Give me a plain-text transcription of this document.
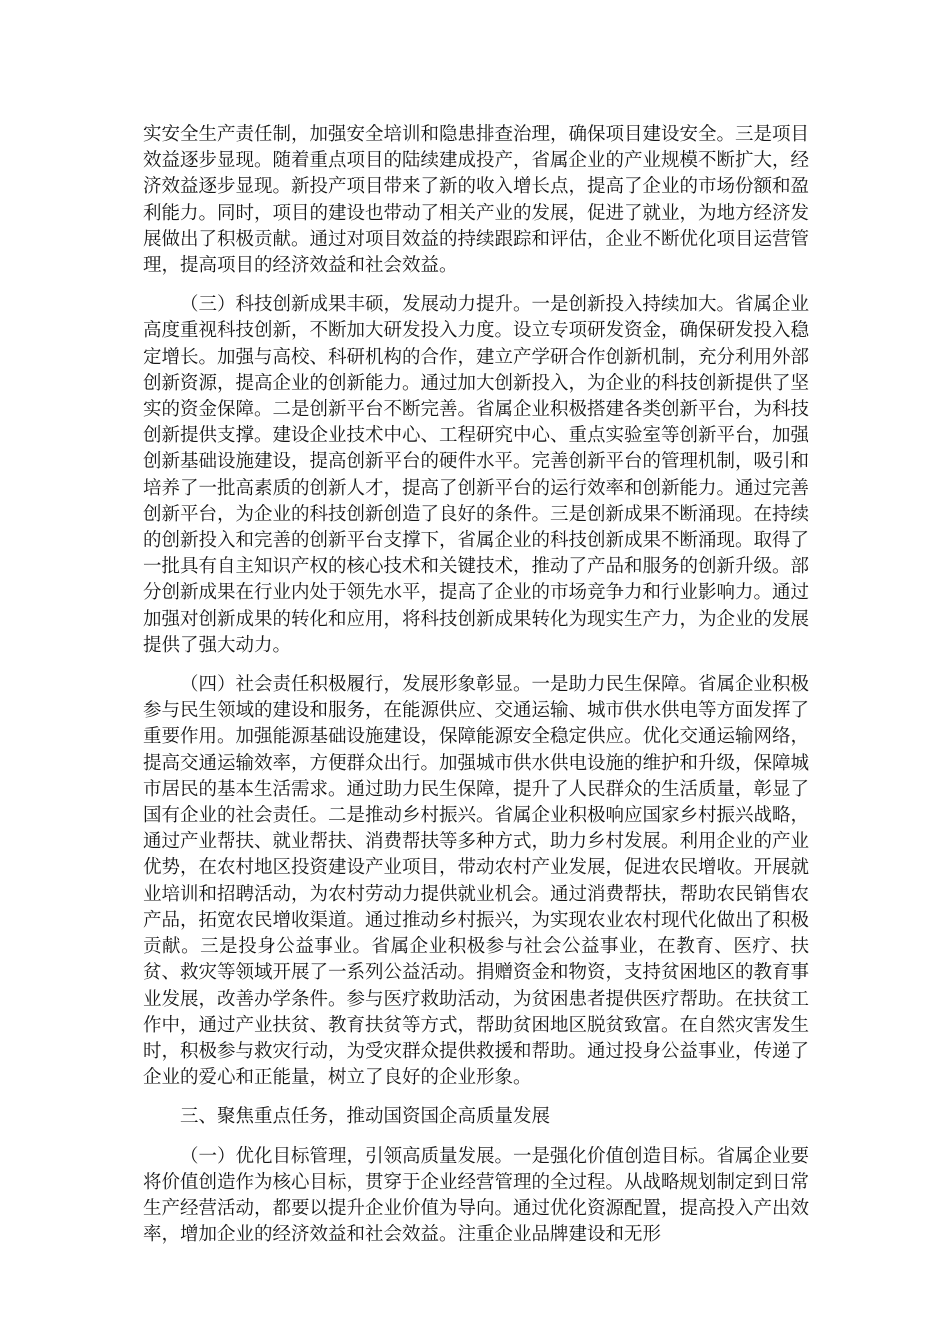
实安全生产责任制，加强安全培训和隐患排查治理，确保项目建设安全。三是项目效益逐步显现。随着重点项目的陆续建成投产，省属企业的产业规模不断扩大，经济效益逐步显现。新投产项目带来了新的收入增长点，提高了企业的市场份额和盈利能力。同时，项目的建设也带动了相关产业的发展，促进了就业，为地方经济发展做出了积极贡献。通过对项目效益的持续跟踪和评估，企业不断优化项目运营管理，提高项目的经济效益和社会效益。

（三）科技创新成果丰硕，发展动力提升。一是创新投入持续加大。省属企业高度重视科技创新，不断加大研发投入力度。设立专项研发资金，确保研发投入稳定增长。加强与高校、科研机构的合作，建立产学研合作创新机制，充分利用外部创新资源，提高企业的创新能力。通过加大创新投入，为企业的科技创新提供了坚实的资金保障。二是创新平台不断完善。省属企业积极搭建各类创新平台，为科技创新提供支撑。建设企业技术中心、工程研究中心、重点实验室等创新平台，加强创新基础设施建设，提高创新平台的硬件水平。完善创新平台的管理机制，吸引和培养了一批高素质的创新人才，提高了创新平台的运行效率和创新能力。通过完善创新平台，为企业的科技创新创造了良好的条件。三是创新成果不断涌现。在持续的创新投入和完善的创新平台支撑下，省属企业的科技创新成果不断涌现。取得了一批具有自主知识产权的核心技术和关键技术，推动了产品和服务的创新升级。部分创新成果在行业内处于领先水平，提高了企业的市场竞争力和行业影响力。通过加强对创新成果的转化和应用，将科技创新成果转化为现实生产力，为企业的发展提供了强大动力。

（四）社会责任积极履行，发展形象彰显。一是助力民生保障。省属企业积极参与民生领域的建设和服务，在能源供应、交通运输、城市供水供电等方面发挥了重要作用。加强能源基础设施建设，保障能源安全稳定供应。优化交通运输网络，提高交通运输效率，方便群众出行。加强城市供水供电设施的维护和升级，保障城市居民的基本生活需求。通过助力民生保障，提升了人民群众的生活质量，彰显了国有企业的社会责任。二是推动乡村振兴。省属企业积极响应国家乡村振兴战略，通过产业帮扶、就业帮扶、消费帮扶等多种方式，助力乡村发展。利用企业的产业优势，在农村地区投资建设产业项目，带动农村产业发展，促进农民增收。开展就业培训和招聘活动，为农村劳动力提供就业机会。通过消费帮扶，帮助农民销售农产品，拓宽农民增收渠道。通过推动乡村振兴，为实现农业农村现代化做出了积极贡献。三是投身公益事业。省属企业积极参与社会公益事业，在教育、医疗、扶贫、救灾等领域开展了一系列公益活动。捐赠资金和物资，支持贫困地区的教育事业发展，改善办学条件。参与医疗救助活动，为贫困患者提供医疗帮助。在扶贫工作中，通过产业扶贫、教育扶贫等方式，帮助贫困地区脱贫致富。在自然灾害发生时，积极参与救灾行动，为受灾群众提供救援和帮助。通过投身公益事业，传递了企业的爱心和正能量，树立了良好的企业形象。

三、聚焦重点任务，推动国资国企高质量发展

（一）优化目标管理，引领高质量发展。一是强化价值创造目标。省属企业要将价值创造作为核心目标，贯穿于企业经营管理的全过程。从战略规划制定到日常生产经营活动，都要以提升企业价值为导向。通过优化资源配置，提高投入产出效率，增加企业的经济效益和社会效益。注重企业品牌建设和无形
